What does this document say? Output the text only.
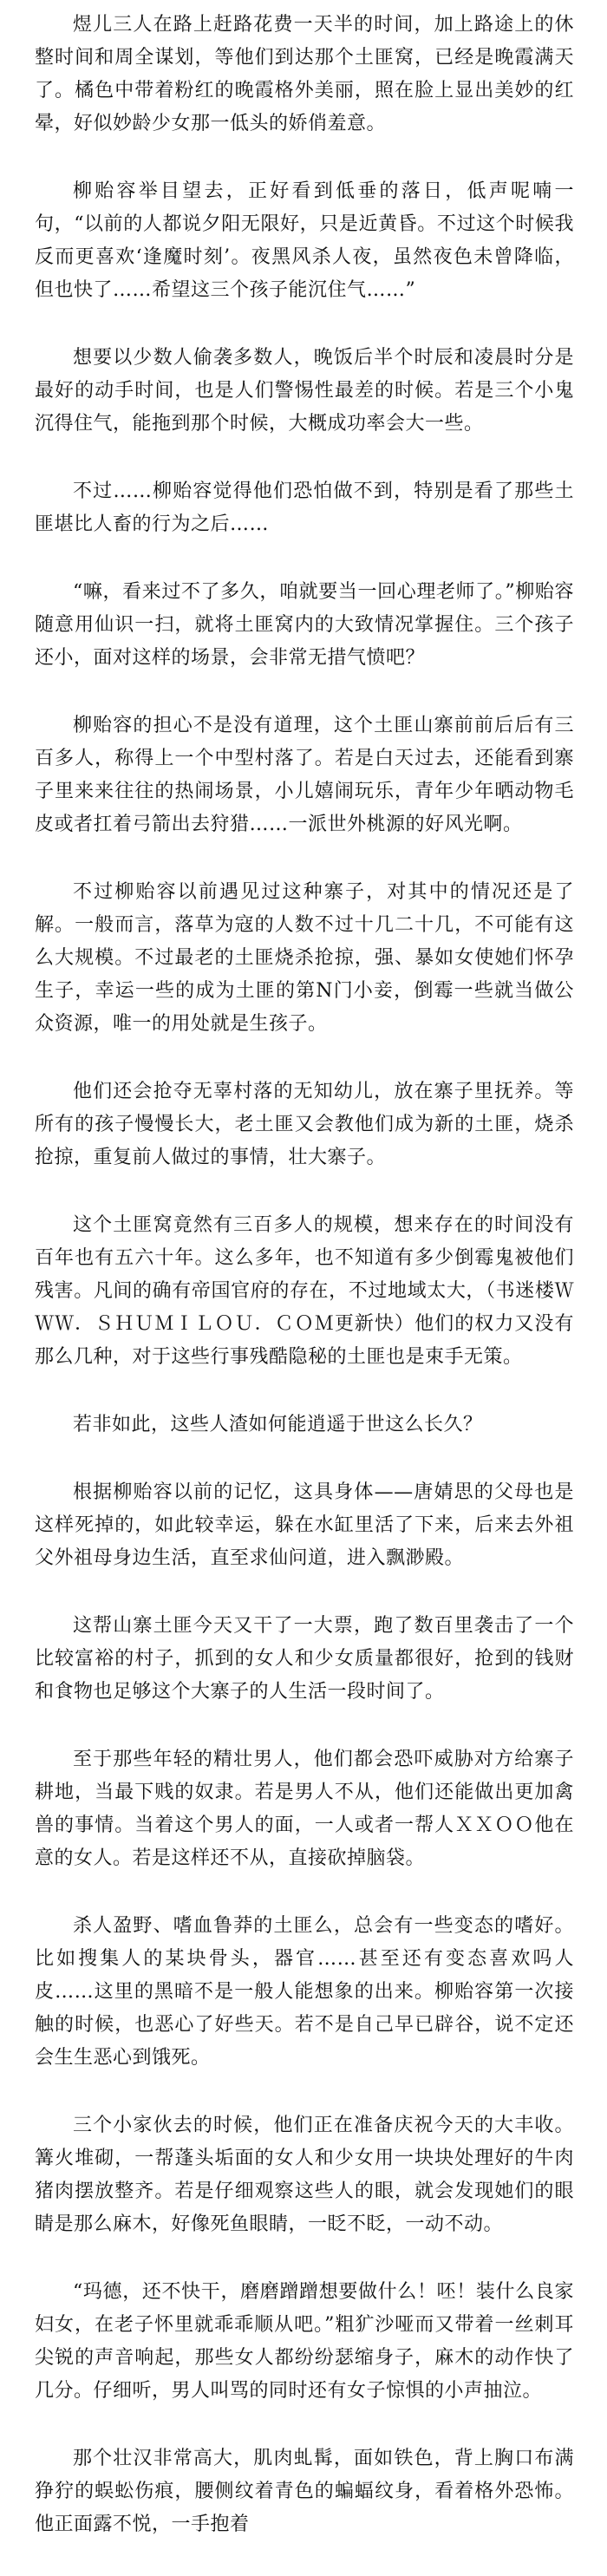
煜儿三人在路上赶路花费一天半的时间，加上路途上的休整时间和周全谋划，等他们到达那个土匪窝，已经是晚霞满天了。橘色中带着粉红的晚霞格外美丽，照在脸上显出美妙的红晕，好似妙龄少女那一低头的娇俏羞意。

柳贻容举目望去，正好看到低垂的落日，低声呢喃一句，“以前的人都说夕阳无限好，只是近黄昏。不过这个时候我反而更喜欢‘逢魔时刻’。夜黑风杀人夜，虽然夜色未曾降临，但也快了……希望这三个孩子能沉住气……”

想要以少数人偷袭多数人，晚饭后半个时辰和凌晨时分是最好的动手时间，也是人们警惕性最差的时候。若是三个小鬼沉得住气，能拖到那个时候，大概成功率会大一些。

不过……柳贻容觉得他们恐怕做不到，特别是看了那些土匪堪比人畜的行为之后……

“嘛，看来过不了多久，咱就要当一回心理老师了。”柳贻容随意用仙识一扫，就将土匪窝内的大致情况掌握住。三个孩子还小，面对这样的场景，会非常无措气愤吧？

柳贻容的担心不是没有道理，这个土匪山寨前前后后有三百多人，称得上一个中型村落了。若是白天过去，还能看到寨子里来来往往的热闹场景，小儿嬉闹玩乐，青年少年晒动物毛皮或者扛着弓箭出去狩猎……一派世外桃源的好风光啊。

不过柳贻容以前遇见过这种寨子，对其中的情况还是了解。一般而言，落草为寇的人数不过十几二十几，不可能有这么大规模。不过最老的土匪烧杀抢掠，强、暴如女使她们怀孕生子，幸运一些的成为土匪的第N门小妾，倒霉一些就当做公众资源，唯一的用处就是生孩子。

他们还会抢夺无辜村落的无知幼儿，放在寨子里抚养。等所有的孩子慢慢长大，老土匪又会教他们成为新的土匪，烧杀抢掠，重复前人做过的事情，壮大寨子。

这个土匪窝竟然有三百多人的规模，想来存在的时间没有百年也有五六十年。这么多年，也不知道有多少倒霉鬼被他们残害。凡间的确有帝国官府的存在，不过地域太大，（书迷楼ＷＷＷ．ＳＨＵＭＩＬＯＵ．ＣＯＭ更新快）他们的权力又没有那么几种，对于这些行事残酷隐秘的土匪也是束手无策。

若非如此，这些人渣如何能逍遥于世这么长久？

根据柳贻容以前的记忆，这具身体——唐婧思的父母也是这样死掉的，如此较幸运，躲在水缸里活了下来，后来去外祖父外祖母身边生活，直至求仙问道，进入飘渺殿。

这帮山寨土匪今天又干了一大票，跑了数百里袭击了一个比较富裕的村子，抓到的女人和少女质量都很好，抢到的钱财和食物也足够这个大寨子的人生活一段时间了。

至于那些年轻的精壮男人，他们都会恐吓威胁对方给寨子耕地，当最下贱的奴隶。若是男人不从，他们还能做出更加禽兽的事情。当着这个男人的面，一人或者一帮人ＸＸＯＯ他在意的女人。若是这样还不从，直接砍掉脑袋。

杀人盈野、嗜血鲁莽的土匪么，总会有一些变态的嗜好。比如搜集人的某块骨头，器官……甚至还有变态喜欢吗人皮……这里的黑暗不是一般人能想象的出来。柳贻容第一次接触的时候，也恶心了好些天。若不是自己早已辟谷，说不定还会生生恶心到饿死。

三个小家伙去的时候，他们正在准备庆祝今天的大丰收。篝火堆砌，一帮蓬头垢面的女人和少女用一块块处理好的牛肉猪肉摆放整齐。若是仔细观察这些人的眼，就会发现她们的眼睛是那么麻木，好像死鱼眼睛，一眨不眨，一动不动。

“玛德，还不快干，磨磨蹭蹭想要做什么！呸！装什么良家妇女，在老子怀里就乖乖顺从吧。”粗犷沙哑而又带着一丝刺耳尖锐的声音响起，那些女人都纷纷瑟缩身子，麻木的动作快了几分。仔细听，男人叫骂的同时还有女子惊惧的小声抽泣。

那个壮汉非常高大，肌肉虬髯，面如铁色，背上胸口布满狰狞的蜈蚣伤痕，腰侧纹着青色的蝙蝠纹身，看着格外恐怖。他正面露不悦，一手抱着
